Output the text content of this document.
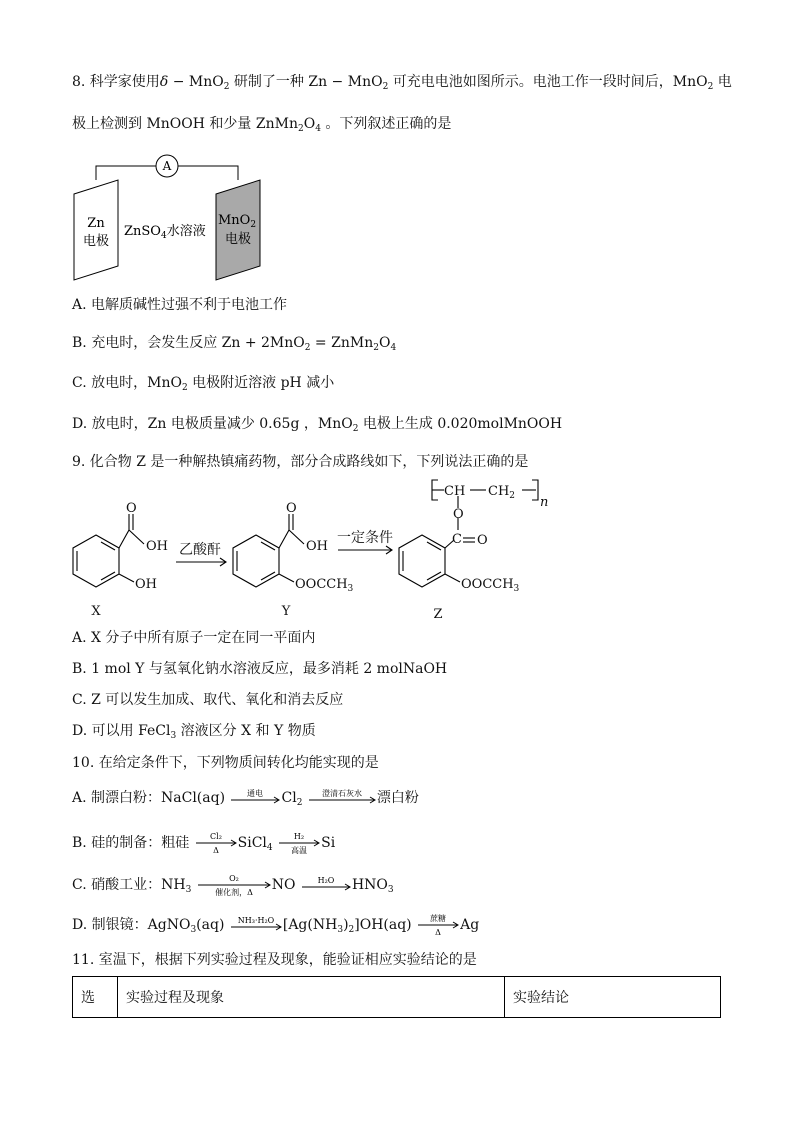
8. 科学家使用δ − MnO$_2$ 研制了一种 Zn − MnO$_2$ 可充电电池如图所示。电池工作一段时间后，MnO$_2$ 电
极上检测到 MnOOH 和少量 $ZnMn_2O_4$ 。下列叙述正确的是
A
Zn
电极
ZnSO$_4$水溶液
MnO$_2$
电极
A. 电解质碱性过强不利于电池工作
B. 充电时，会发生反应 $Zn + 2MnO_2 = ZnMn_2O_4$
C. 放电时，MnO$_2$ 电极附近溶液 pH 减小
D. 放电时，Zn 电极质量减少 0.65g ，MnO$_2$ 电极上生成 0.020molMnOOH
9. 化合物 Z 是一种解热镇痛药物，部分合成路线如下，下列说法正确的是
O
OH
OH
X
乙酸酐
O
OH
$OOCCH_3$
Y
一定条件
CH $CH_2$ n
O
C O
$OOCCH_3$
Z
A. X 分子中所有原子一定在同一平面内
B. 1 mol Y 与氢氧化钠水溶液反应，最多消耗 2 molNaOH
C. Z 可以发生加成、取代、氧化和消去反应
D. 可以用 FeCl$_3$ 溶液区分 X 和 Y 物质
10. 在给定条件下，下列物质间转化均能实现的是
A. 制漂白粉：NaCl(aq)	通电 $Cl_2$
澄清石灰水 漂白粉
B. 硅的制备：粗硅	Cl₂
Δ SiCl$_4$
H₂
高温 Si
C. 硝酸工业：$NH_3$
O₂
催化剂，Δ NO	H₂O $HNO_3$
D. 制银镜：AgNO$_3$(aq) NH₃·H₂O $[Ag(NH_3)_2]OH(aq)$ 蔗糖
Δ Ag
11. 室温下，根据下列实验过程及现象，能验证相应实验结论的是
选	实验过程及现象	实验结论
